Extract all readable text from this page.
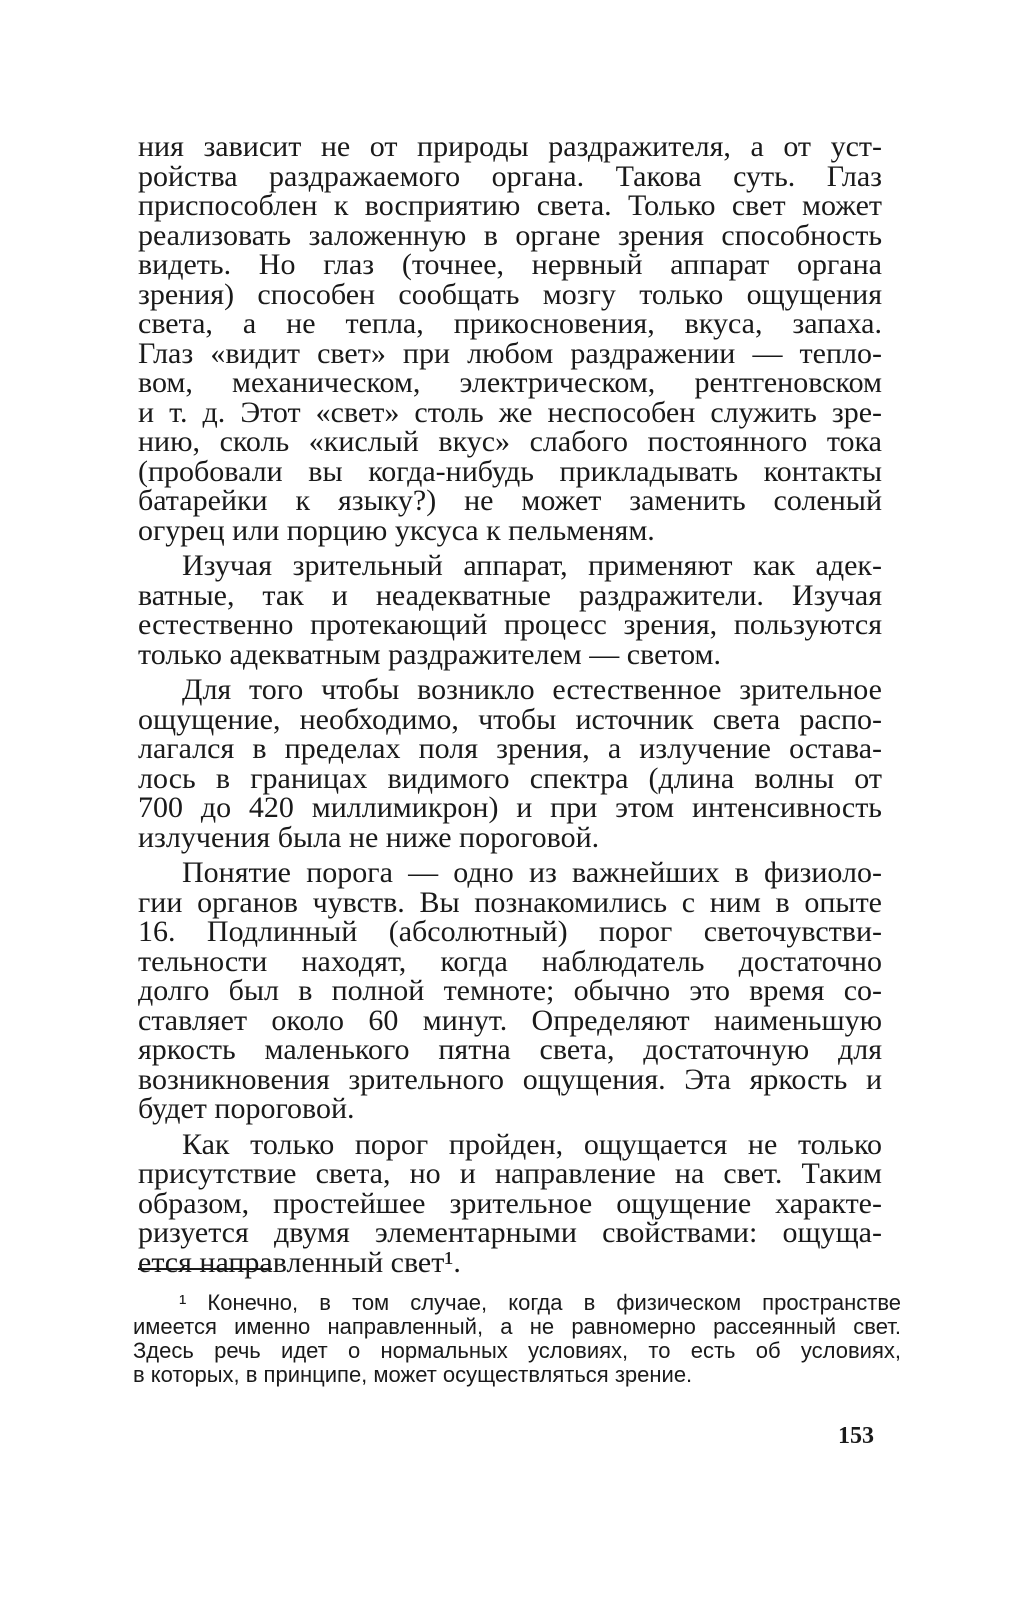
ния зависит не от природы раздражителя, а от уст-
ройства раздражаемого органа. Такова суть. Глаз
приспособлен к восприятию света. Только свет может
реализовать заложенную в органе зрения способность
видеть. Но глаз (точнее, нервный аппарат органа
зрения) способен сообщать мозгу только ощущения
света, а не тепла, прикосновения, вкуса, запаха.
Глаз «видит свет» при любом раздражении — тепло-
вом, механическом, электрическом, рентгеновском
и т. д. Этот «свет» столь же неспособен служить зре-
нию, сколь «кислый вкус» слабого постоянного тока
(пробовали вы когда-нибудь прикладывать контакты
батарейки к языку?) не может заменить соленый
огурец или порцию уксуса к пельменям.
Изучая зрительный аппарат, применяют как адек-
ватные, так и неадекватные раздражители. Изучая
естественно протекающий процесс зрения, пользуются
только адекватным раздражителем — светом.
Для того чтобы возникло естественное зрительное
ощущение, необходимо, чтобы источник света распо-
лагался в пределах поля зрения, а излучение остава-
лось в границах видимого спектра (длина волны от
700 до 420 миллимикрон) и при этом интенсивность
излучения была не ниже пороговой.
Понятие порога — одно из важнейших в физиоло-
гии органов чувств. Вы познакомились с ним в опыте
16. Подлинный (абсолютный) порог светочувстви-
тельности находят, когда наблюдатель достаточно
долго был в полной темноте; обычно это время со-
ставляет около 60 минут. Определяют наименьшую
яркость маленького пятна света, достаточную для
возникновения зрительного ощущения. Эта яркость и
будет пороговой.
Как только порог пройден, ощущается не только
присутствие света, но и направление на свет. Таким
образом, простейшее зрительное ощущение характе-
ризуется двумя элементарными свойствами: ощуща-
ется направленный свет¹.
¹ Конечно, в том случае, когда в физическом пространстве
имеется именно направленный, а не равномерно рассеянный свет.
Здесь речь идет о нормальных условиях, то есть об условиях,
в которых, в принципе, может осуществляться зрение.
153
